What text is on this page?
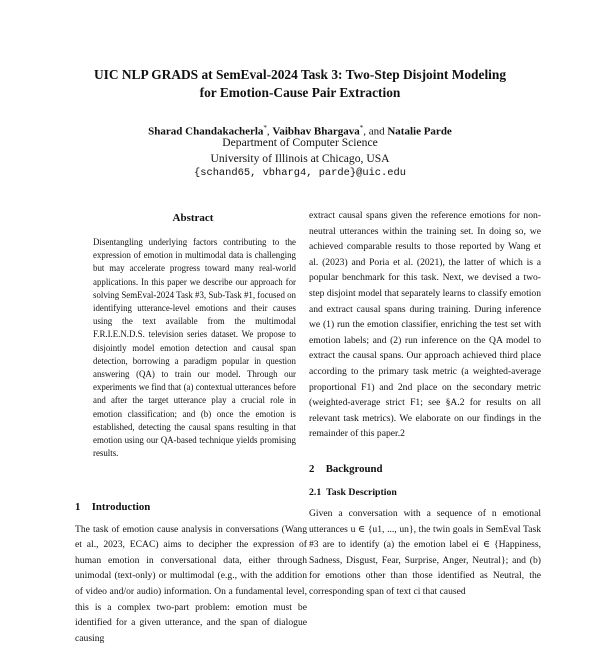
UIC NLP GRADS at SemEval-2024 Task 3: Two-Step Disjoint Modeling
for Emotion-Cause Pair Extraction
Sharad Chandakacherla*, Vaibhav Bhargava*, and Natalie Parde
Department of Computer Science
University of Illinois at Chicago, USA
{schand65, vbharg4, parde}@uic.edu
Abstract

Disentangling underlying factors contributing to the expression of emotion in multimodal data is challenging but may accelerate progress toward many real-world applications. In this paper we describe our approach for solving SemEval-2024 Task #3, Sub-Task #1, focused on identifying utterance-level emotions and their causes using the text available from the multimodal F.R.I.E.N.D.S. television series dataset. We propose to disjointly model emotion detection and causal span detection, borrowing a paradigm popular in question answering (QA) to train our model. Through our experiments we find that (a) contextual utterances before and after the target utterance play a crucial role in emotion classification; and (b) once the emotion is established, detecting the causal spans resulting in that emotion using our QA-based technique yields promising results.

1 Introduction

The task of emotion cause analysis in conversations (Wang et al., 2023, ECAC) aims to decipher the expression of human emotion in conversational data, either through unimodal (text-only) or multimodal (e.g., with the addition of video and/or audio) information. On a fundamental level, this is a complex two-part problem: emotion must be identified for a given utterance, and the span of dialogue causing

extract causal spans given the reference emotions for non-neutral utterances within the training set. In doing so, we achieved comparable results to those reported by Wang et al. (2023) and Poria et al. (2021), the latter of which is a popular benchmark for this task. Next, we devised a two-step disjoint model that separately learns to classify emotion and extract causal spans during training. During inference we (1) run the emotion classifier, enriching the test set with emotion labels; and (2) run inference on the QA model to extract the causal spans. Our approach achieved third place according to the primary task metric (a weighted-average proportional F1) and 2nd place on the secondary metric (weighted-average strict F1; see §A.2 for results on all relevant task metrics). We elaborate on our findings in the remainder of this paper.2

2 Background
2.1 Task Description

Given a conversation with a sequence of n emotional utterances u ∈ {u1, ..., un}, the twin goals in SemEval Task #3 are to identify (a) the emotion label ei ∈ {Happiness, Sadness, Disgust, Fear, Surprise, Anger, Neutral}; and (b) for emotions other than those identified as Neutral, the corresponding span of text ci that caused
